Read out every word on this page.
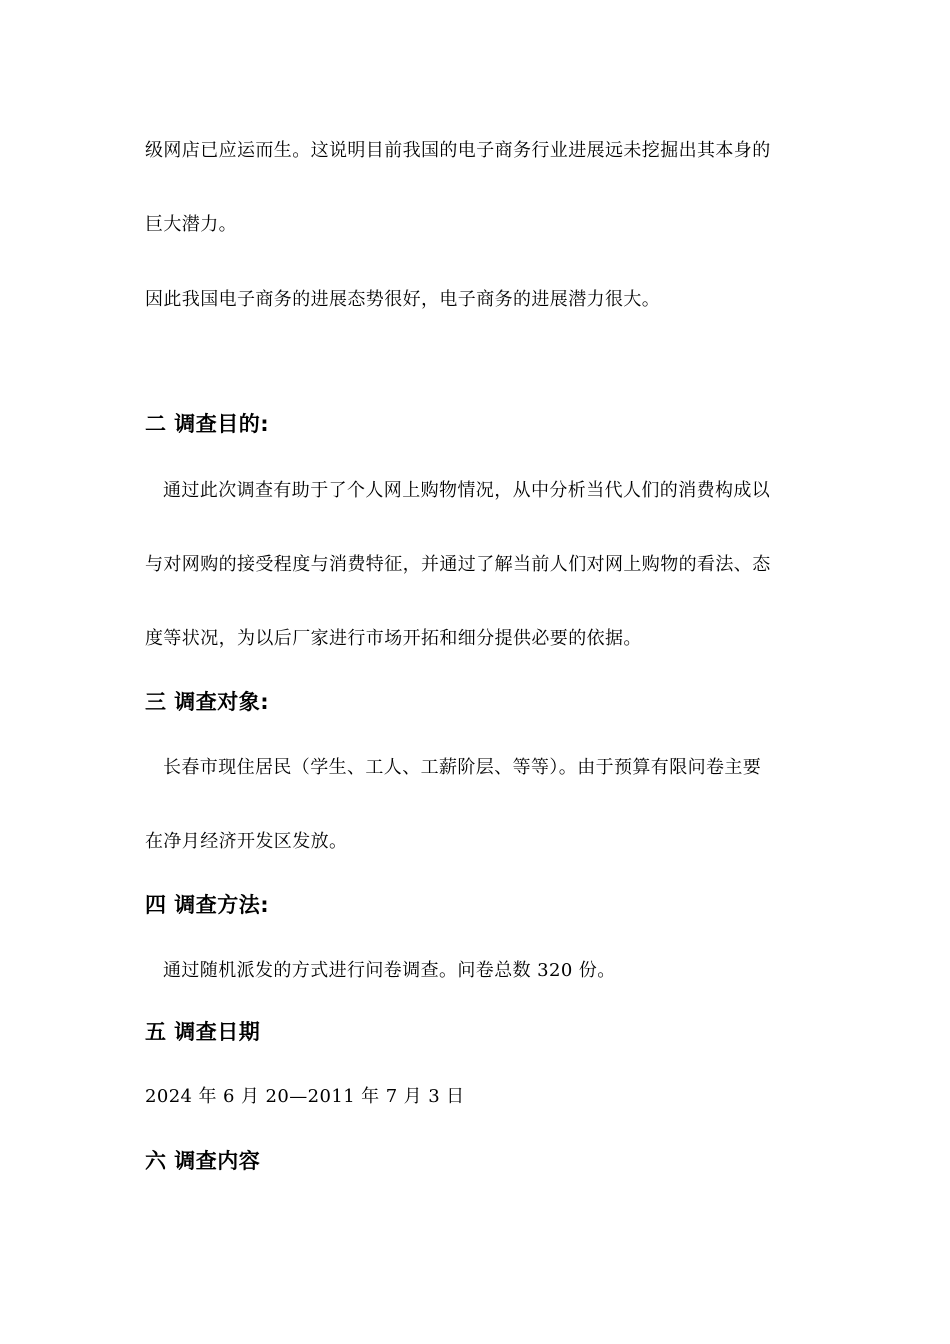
级网店已应运而生。这说明目前我国的电子商务行业进展远未挖掘出其本身的
巨大潜力。
因此我国电子商务的进展态势很好，电子商务的进展潜力很大。
二 调查目的:
通过此次调查有助于了个人网上购物情况，从中分析当代人们的消费构成以
与对网购的接受程度与消费特征，并通过了解当前人们对网上购物的看法、态
度等状况，为以后厂家进行市场开拓和细分提供必要的依据。
三 调查对象:
长春市现住居民（学生、工人、工薪阶层、等等）。由于预算有限问卷主要
在净月经济开发区发放。
四 调查方法:
通过随机派发的方式进行问卷调查。问卷总数 320 份。
五 调查日期
2024 年 6 月 20—2011 年 7 月 3 日
六 调查内容
